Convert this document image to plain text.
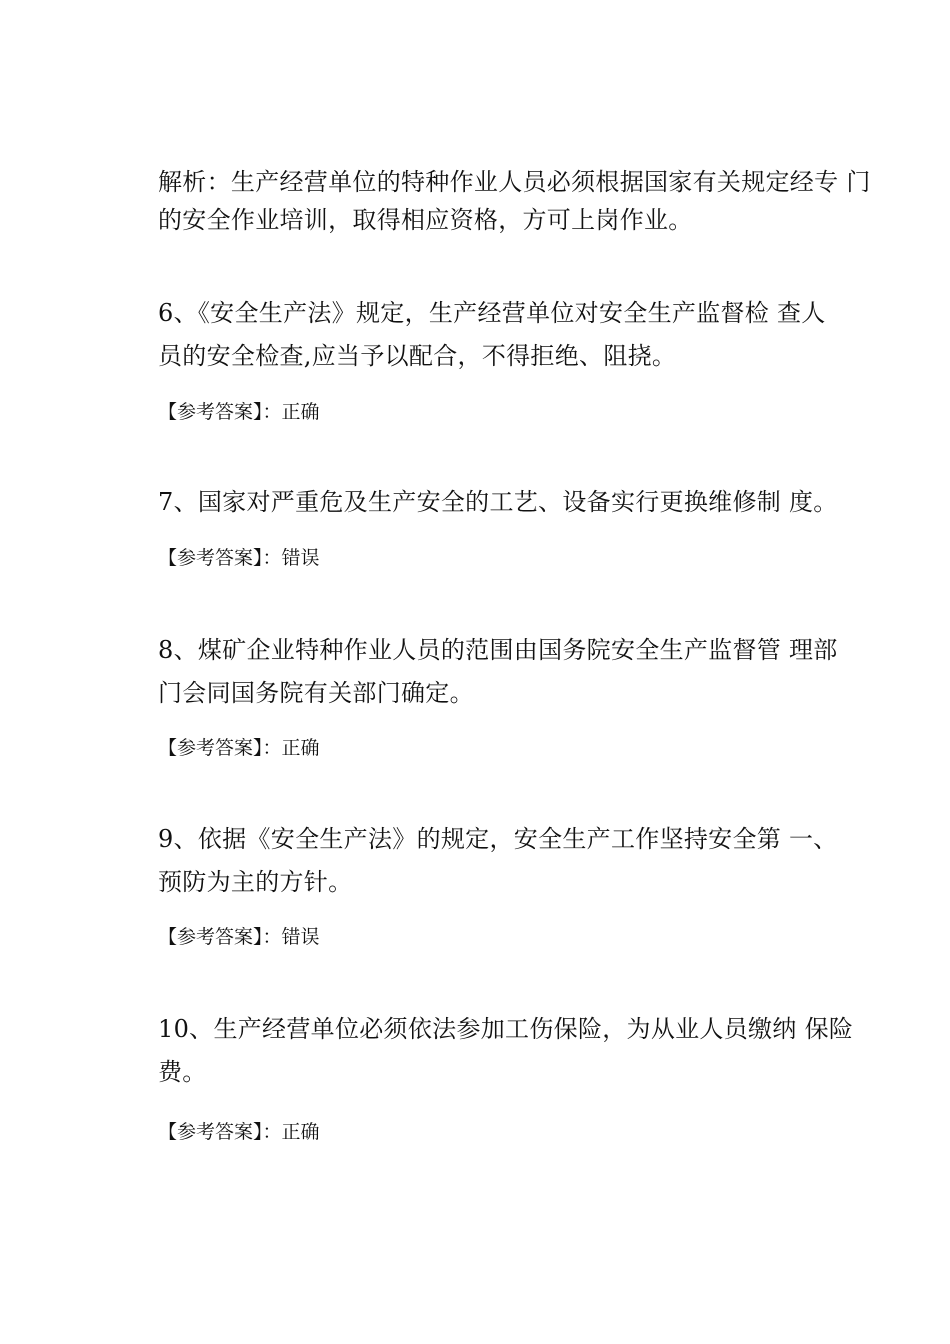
解析：生产经营单位的特种作业人员必须根据国家有关规定经专 门
的安全作业培训，取得相应资格，方可上岗作业。
6、《安全生产法》规定，生产经营单位对安全生产监督检 查人
员的安全检查,应当予以配合，不得拒绝、阻挠。
【参考答案】：正确
7、国家对严重危及生产安全的工艺、设备实行更换维修制 度。
【参考答案】：错误
8、煤矿企业特种作业人员的范围由国务院安全生产监督管 理部
门会同国务院有关部门确定。
【参考答案】：正确
9、依据《安全生产法》的规定，安全生产工作坚持安全第 一、
预防为主的方针。
【参考答案】：错误
10、生产经营单位必须依法参加工伤保险，为从业人员缴纳 保险
费。
【参考答案】：正确
